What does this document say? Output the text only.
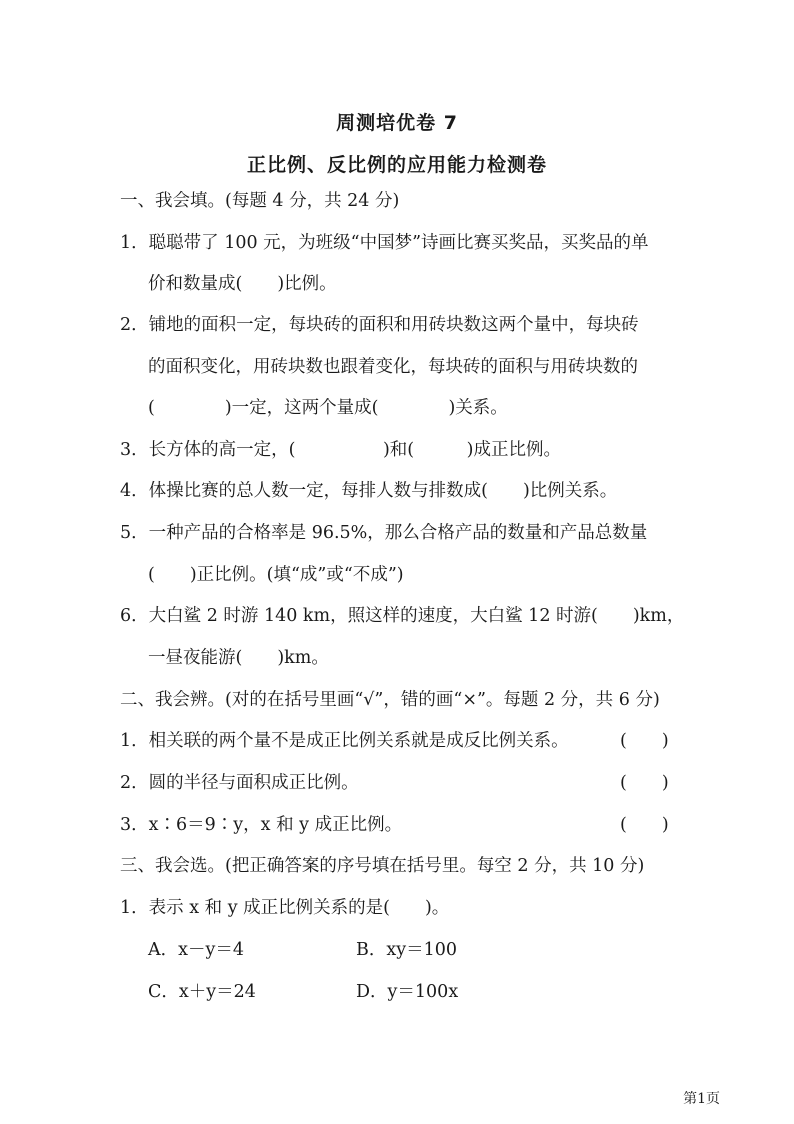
周测培优卷 7
正比例、反比例的应用能力检测卷
一、我会填。(每题 4 分，共 24 分)
1．聪聪带了 100 元，为班级“中国梦”诗画比赛买奖品，买奖品的单
价和数量成(　　)比例。
2．铺地的面积一定，每块砖的面积和用砖块数这两个量中，每块砖
的面积变化，用砖块数也跟着变化，每块砖的面积与用砖块数的
(　　　　)一定，这两个量成(　　　　)关系。
3．长方体的高一定，(　　　　　)和(　　　)成正比例。
4．体操比赛的总人数一定，每排人数与排数成(　　)比例关系。
5．一种产品的合格率是 96.5%，那么合格产品的数量和产品总数量
(　　)正比例。(填“成”或“不成”)
6．大白鲨 2 时游 140 km，照这样的速度，大白鲨 12 时游(　　)km，
一昼夜能游(　　)km。
二、我会辨。(对的在括号里画“√”，错的画“×”。每题 2 分，共 6 分)
1．相关联的两个量不是成正比例关系就是成反比例关系。	(　　)
2．圆的半径与面积成正比例。	(　　)
3．x∶6＝9∶y，x 和 y 成正比例。	(　　)
三、我会选。(把正确答案的序号填在括号里。每空 2 分，共 10 分)
1．表示 x 和 y 成正比例关系的是(　　)。
A．x－y＝4	B．xy＝100
C．x＋y＝24	D．y＝100x
第1页
